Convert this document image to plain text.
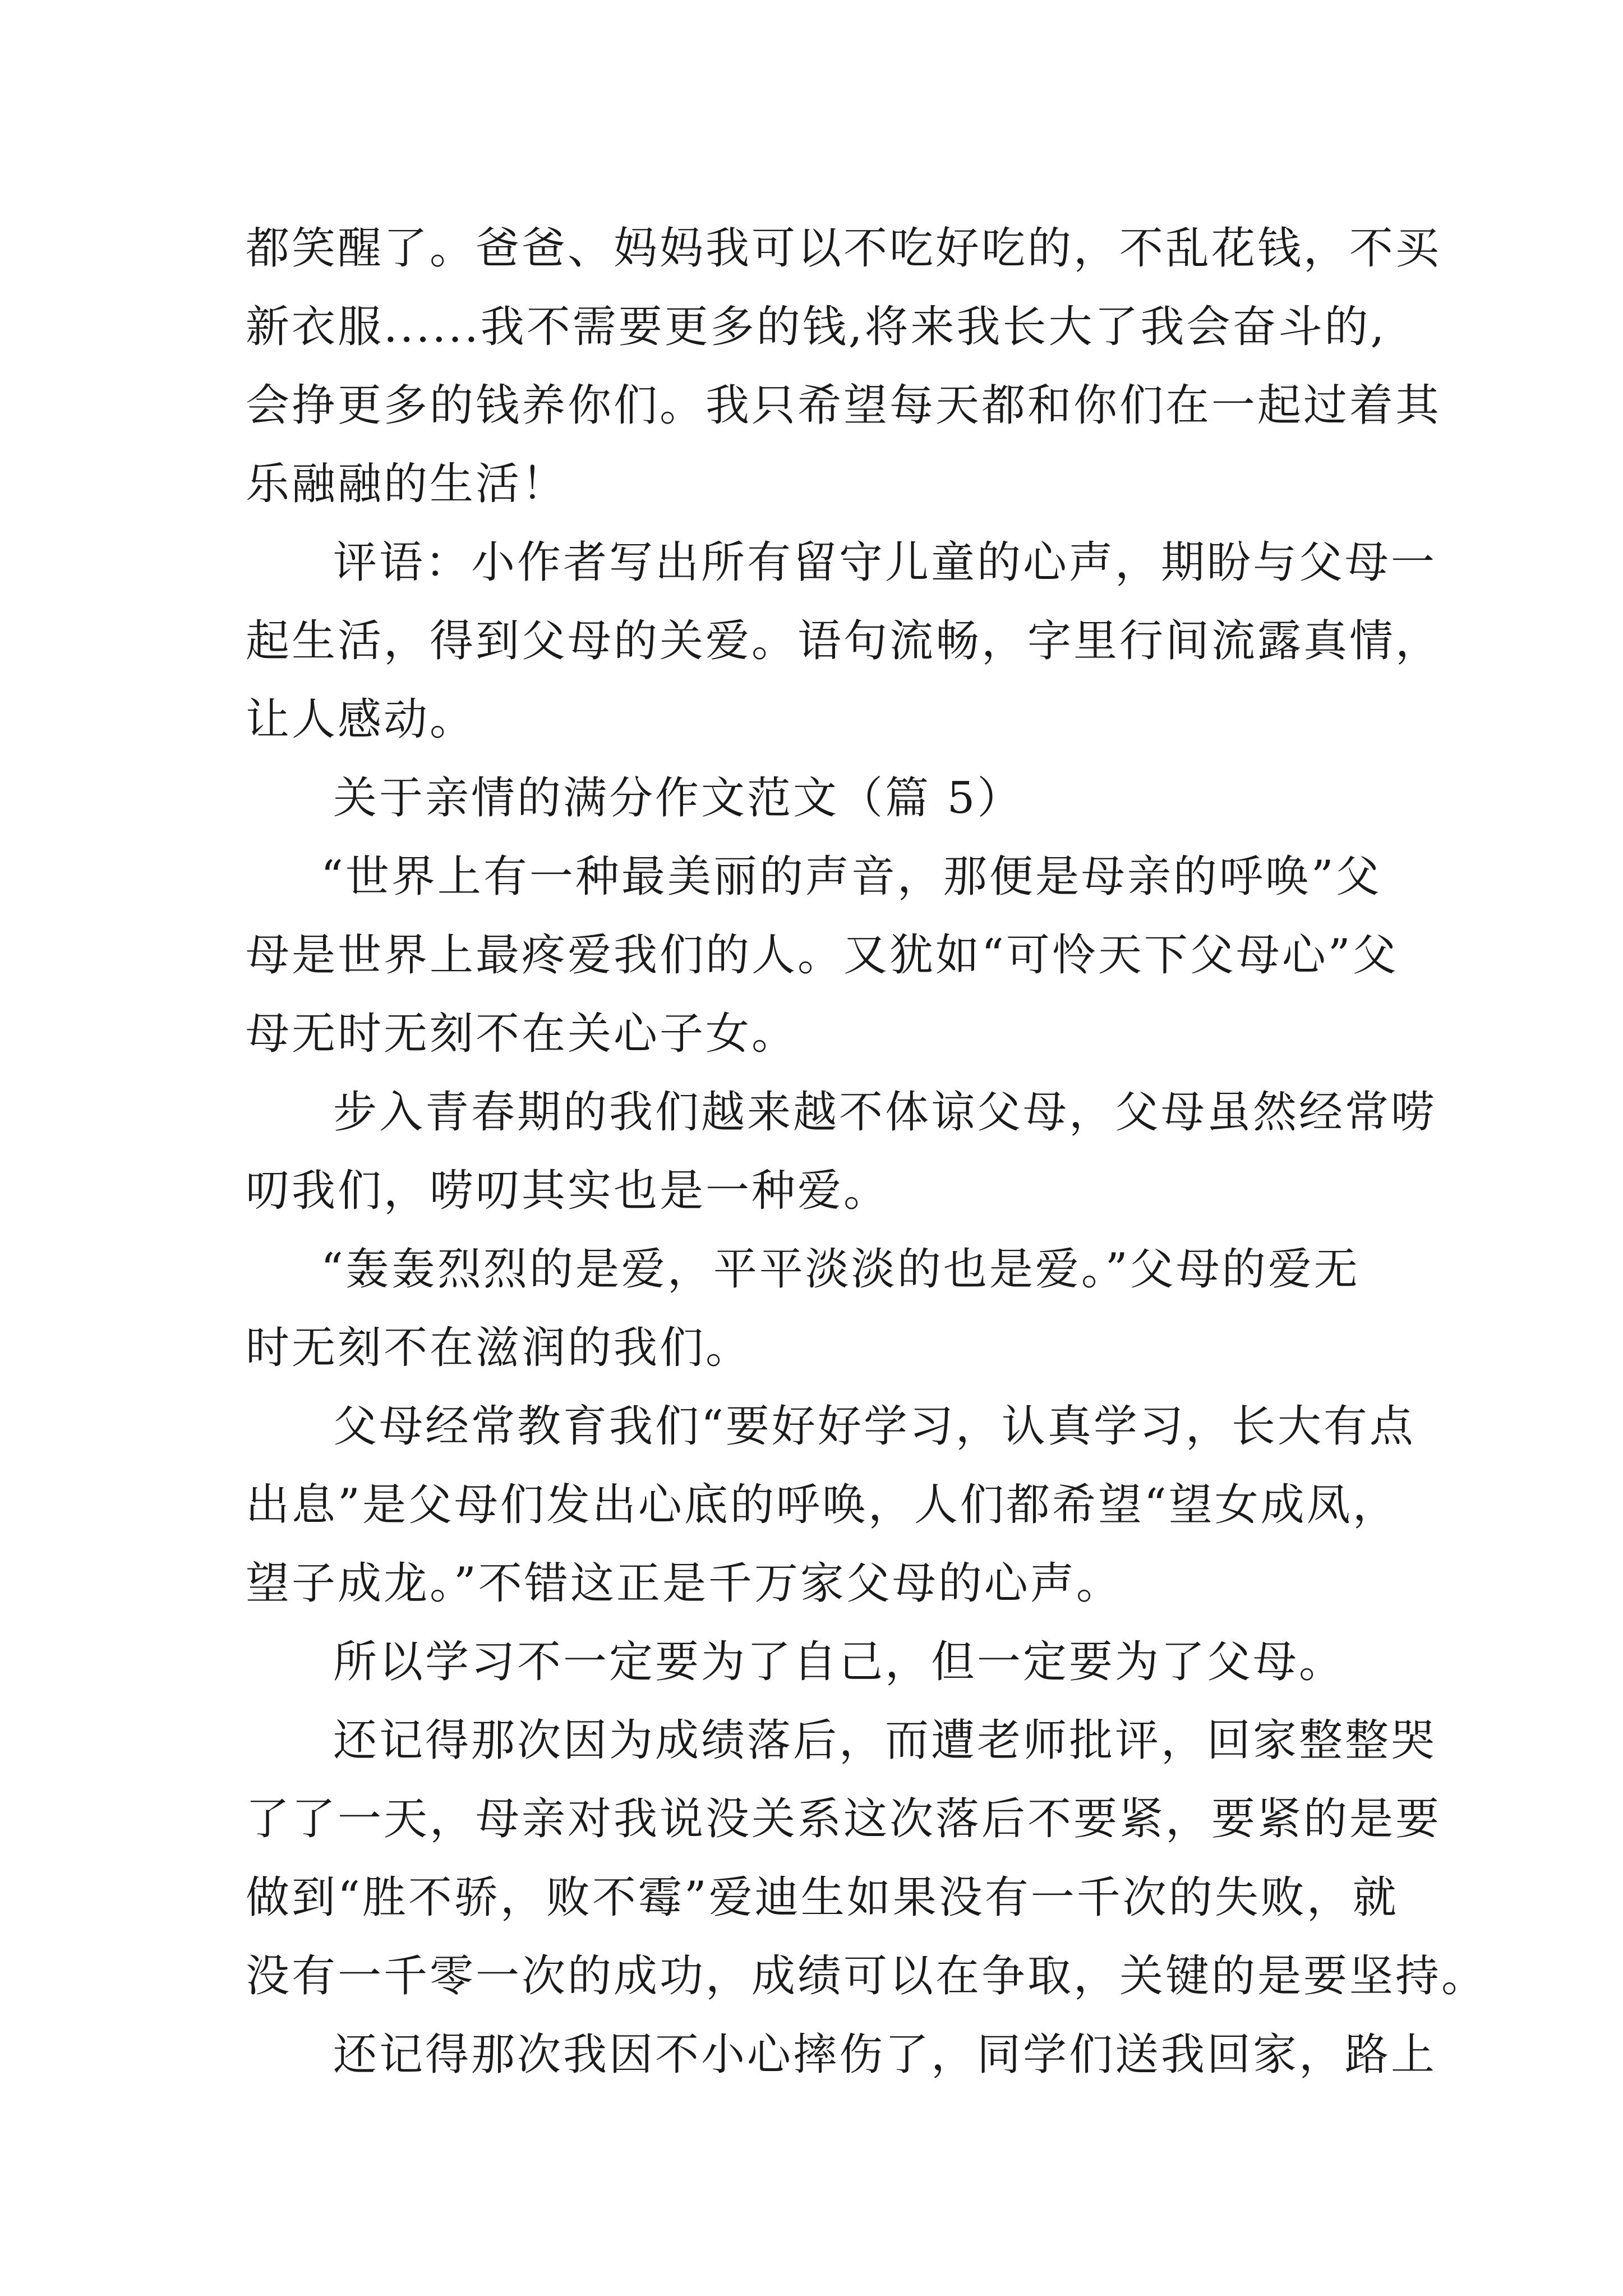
都笑醒了。爸爸、妈妈我可以不吃好吃的，不乱花钱，不买
新衣服......我不需要更多的钱,将来我长大了我会奋斗的,
会挣更多的钱养你们。我只希望每天都和你们在一起过着其
乐融融的生活！
评语：小作者写出所有留守儿童的心声，期盼与父母一
起生活，得到父母的关爱。语句流畅，字里行间流露真情，
让人感动。
关于亲情的满分作文范文（篇 5）
“世界上有一种最美丽的声音，那便是母亲的呼唤”父
母是世界上最疼爱我们的人。又犹如“可怜天下父母心”父
母无时无刻不在关心子女。
步入青春期的我们越来越不体谅父母，父母虽然经常唠
叨我们，唠叨其实也是一种爱。
“轰轰烈烈的是爱，平平淡淡的也是爱。”父母的爱无
时无刻不在滋润的我们。
父母经常教育我们“要好好学习，认真学习，长大有点
出息”是父母们发出心底的呼唤，人们都希望“望女成凤，
望子成龙。”不错这正是千万家父母的心声。
所以学习不一定要为了自己，但一定要为了父母。
还记得那次因为成绩落后，而遭老师批评，回家整整哭
了了一天，母亲对我说没关系这次落后不要紧，要紧的是要
做到“胜不骄，败不霉”爱迪生如果没有一千次的失败，就
没有一千零一次的成功，成绩可以在争取，关键的是要坚持。
还记得那次我因不小心摔伤了，同学们送我回家，路上
